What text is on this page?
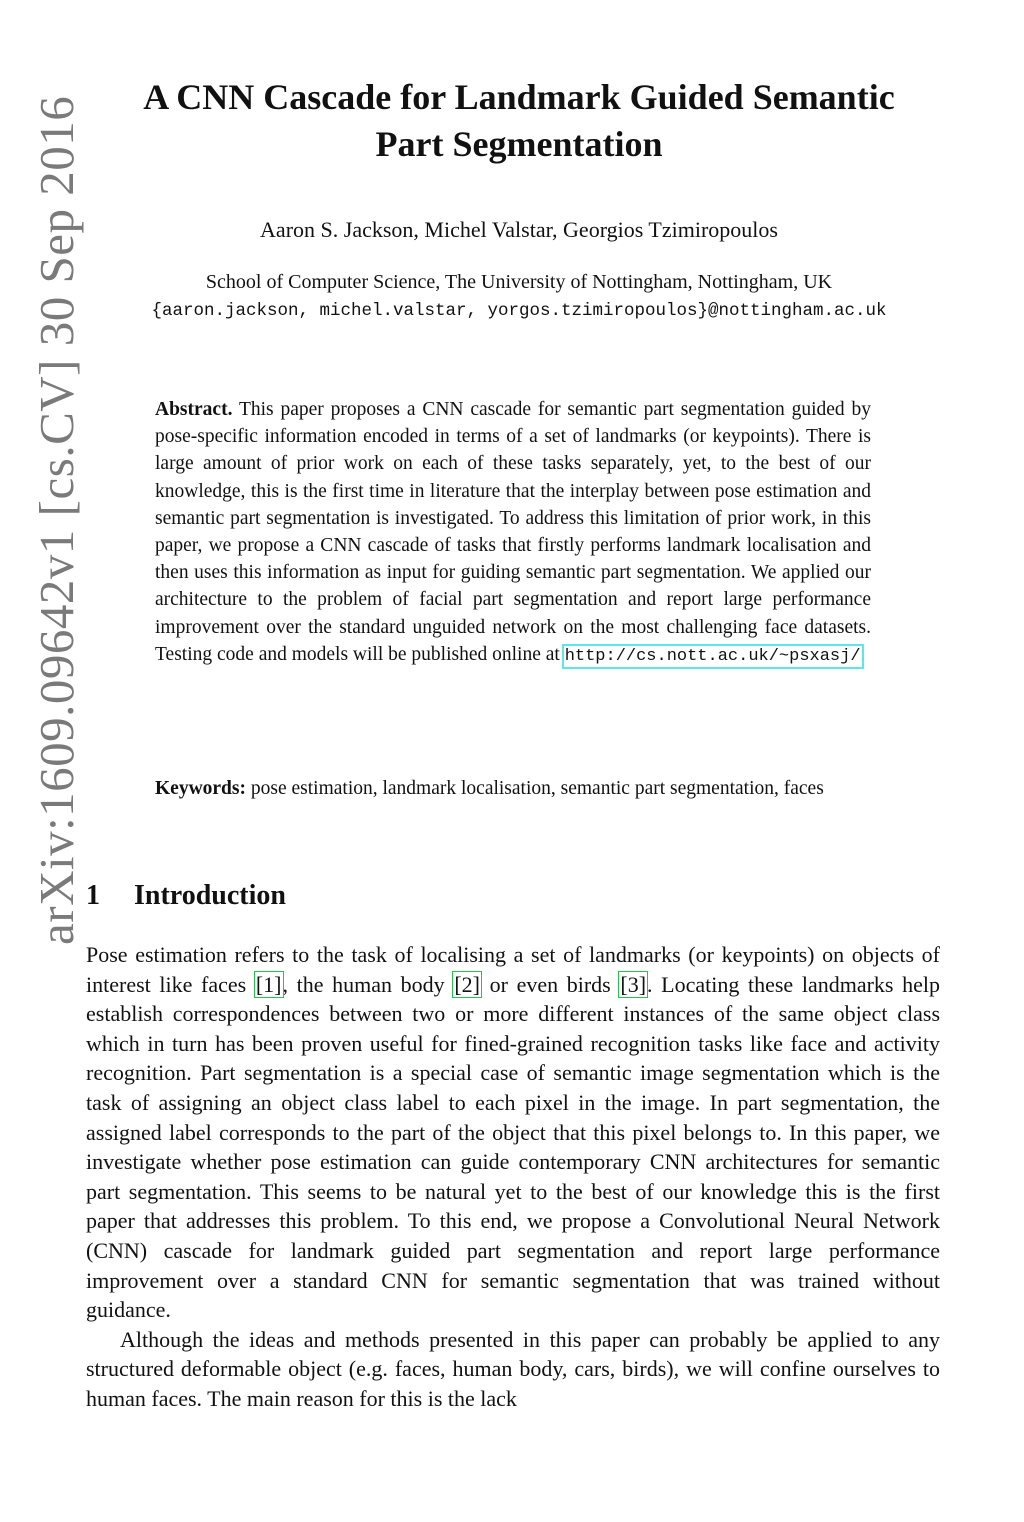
arXiv:1609.09642v1 [cs.CV] 30 Sep 2016	A CNN Cascade for Landmark Guided Semantic
Part Segmentation
Aaron S. Jackson, Michel Valstar, Georgios Tzimiropoulos
School of Computer Science, The University of Nottingham, Nottingham, UK
{aaron.jackson, michel.valstar, yorgos.tzimiropoulos}@nottingham.ac.uk
Abstract. This paper proposes a CNN cascade for semantic part segmentation guided by pose-specific information encoded in terms of a set of landmarks (or keypoints). There is large amount of prior work on each of these tasks separately, yet, to the best of our knowledge, this is the first time in literature that the interplay between pose estimation and semantic part segmentation is investigated. To address this limitation of prior work, in this paper, we propose a CNN cascade of tasks that firstly performs landmark localisation and then uses this information as input for guiding semantic part segmentation. We applied our architecture to the problem of facial part segmentation and report large performance improvement over the standard unguided network on the most challenging face datasets. Testing code and models will be published online at http://cs.nott.ac.uk/~psxasj/.
Keywords: pose estimation, landmark localisation, semantic part segmentation, faces
1 Introduction

Pose estimation refers to the task of localising a set of landmarks (or keypoints) on objects of interest like faces [1], the human body [2] or even birds [3]. Locating these landmarks help establish correspondences between two or more different instances of the same object class which in turn has been proven useful for fined-grained recognition tasks like face and activity recognition. Part segmentation is a special case of semantic image segmentation which is the task of assigning an object class label to each pixel in the image. In part segmentation, the assigned label corresponds to the part of the object that this pixel belongs to. In this paper, we investigate whether pose estimation can guide contemporary CNN architectures for semantic part segmentation. This seems to be natural yet to the best of our knowledge this is the first paper that addresses this problem. To this end, we propose a Convolutional Neural Network (CNN) cascade for landmark guided part segmentation and report large performance improvement over a standard CNN for semantic segmentation that was trained without guidance.

Although the ideas and methods presented in this paper can probably be applied to any structured deformable object (e.g. faces, human body, cars, birds), we will confine ourselves to human faces. The main reason for this is the lack
